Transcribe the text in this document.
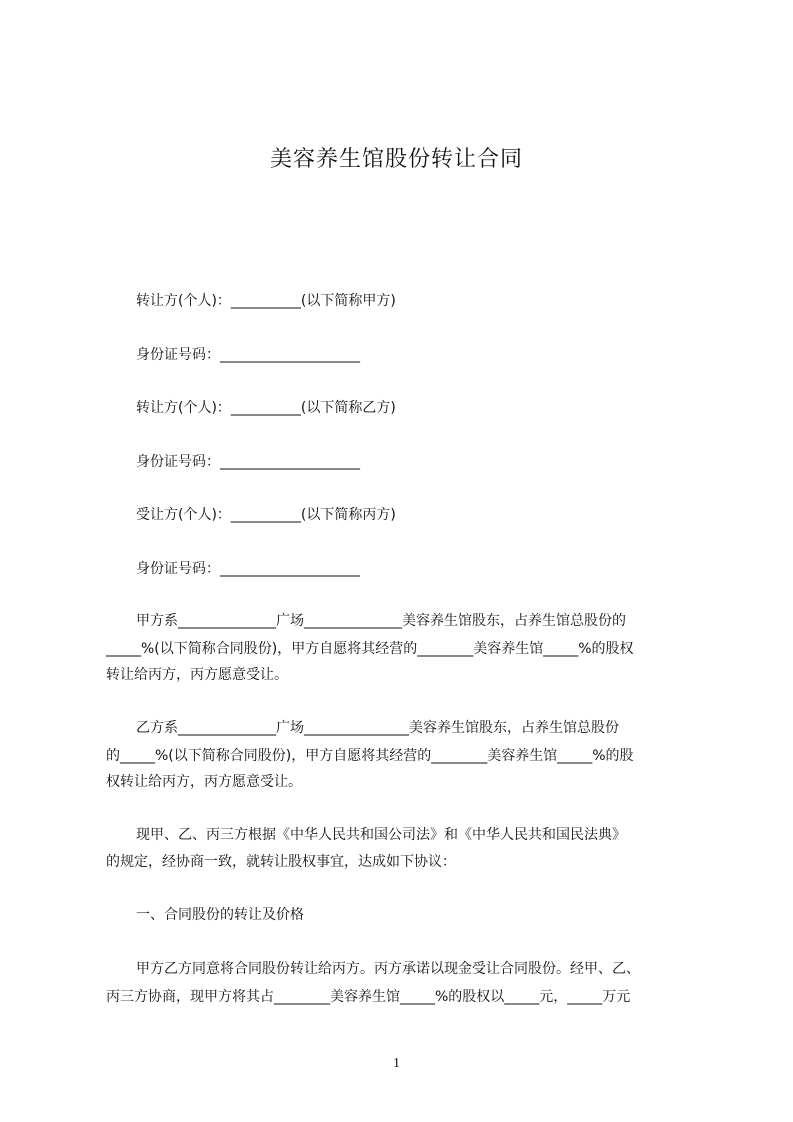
美容养生馆股份转让合同
转让方(个人)：__________(以下简称甲方)
身份证号码：____________________
转让方(个人)：__________(以下简称乙方)
身份证号码：____________________
受让方(个人)：__________(以下简称丙方)
身份证号码：____________________
甲方系______________广场______________美容养生馆股东，占养生馆总股份的
_____%(以下简称合同股份)，甲方自愿将其经营的________美容养生馆_____%的股权
转让给丙方，丙方愿意受让。
乙方系______________广场_______________美容养生馆股东，占养生馆总股份
的_____%(以下简称合同股份)，甲方自愿将其经营的________美容养生馆_____%的股
权转让给丙方，丙方愿意受让。
现甲、乙、丙三方根据《中华人民共和国公司法》和《中华人民共和国民法典》
的规定，经协商一致，就转让股权事宜，达成如下协议：
一、合同股份的转让及价格
甲方乙方同意将合同股份转让给丙方。丙方承诺以现金受让合同股份。经甲、乙、
丙三方协商，现甲方将其占________美容养生馆_____%的股权以_____元，_____万元
1
